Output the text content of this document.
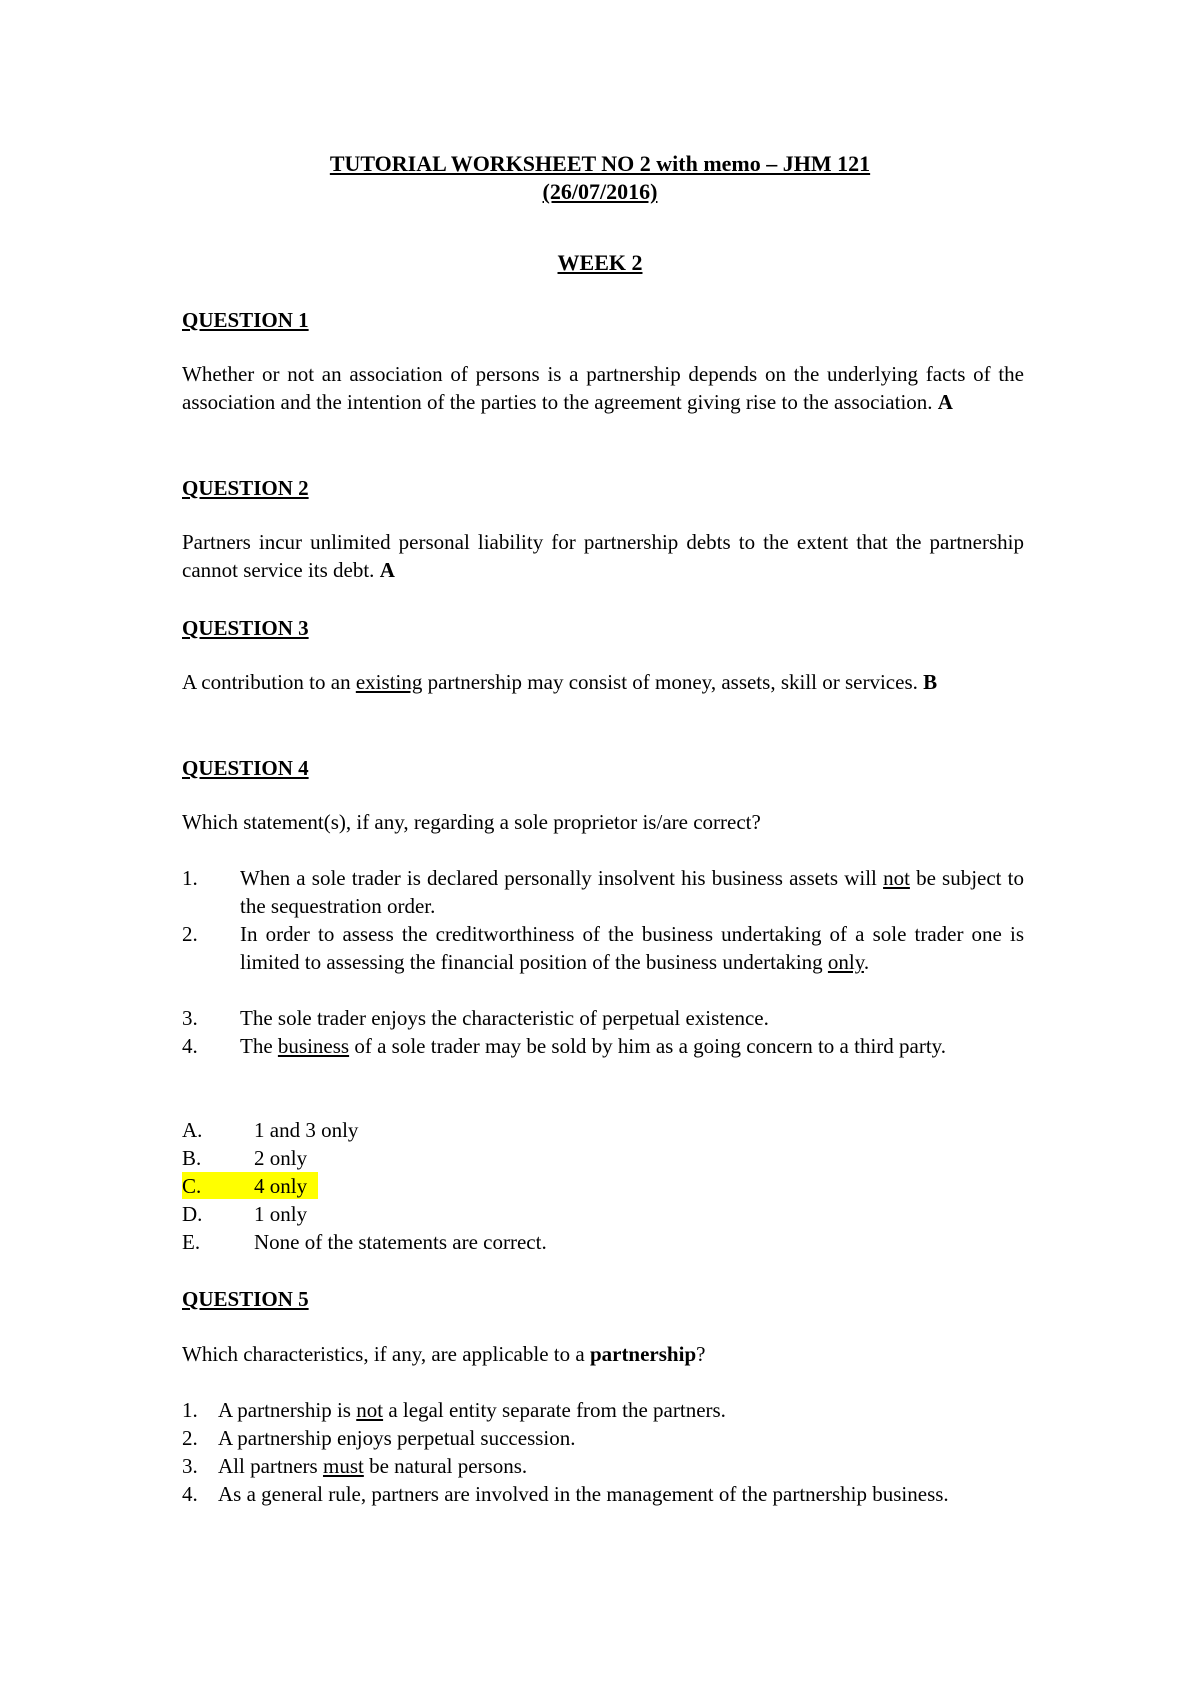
TUTORIAL WORKSHEET NO 2 with memo – JHM 121
(26/07/2016)
WEEK 2
QUESTION 1

Whether or not an association of persons is a partnership depends on the underlying facts of the association and the intention of the parties to the agreement giving rise to the association. A

QUESTION 2

Partners incur unlimited personal liability for partnership debts to the extent that the partnership cannot service its debt. A

QUESTION 3

A contribution to an existing partnership may consist of money, assets, skill or services. B

QUESTION 4

Which statement(s), if any, regarding a sole proprietor is/are correct?

1. When a sole trader is declared personally insolvent his business assets will not be subject to the sequestration order.
2. In order to assess the creditworthiness of the business undertaking of a sole trader one is limited to assessing the financial position of the business undertaking only.
3. The sole trader enjoys the characteristic of perpetual existence.
4. The business of a sole trader may be sold by him as a going concern to a third party.
A. 1 and 3 only
B.	2 only
C.	4 only
D. 1 only
E.	None of the statements are correct.
QUESTION 5

Which characteristics, if any, are applicable to a partnership?

1. A partnership is not a legal entity separate from the partners.
2. A partnership enjoys perpetual succession.
3. All partners must be natural persons.
4. As a general rule, partners are involved in the management of the partnership business.
